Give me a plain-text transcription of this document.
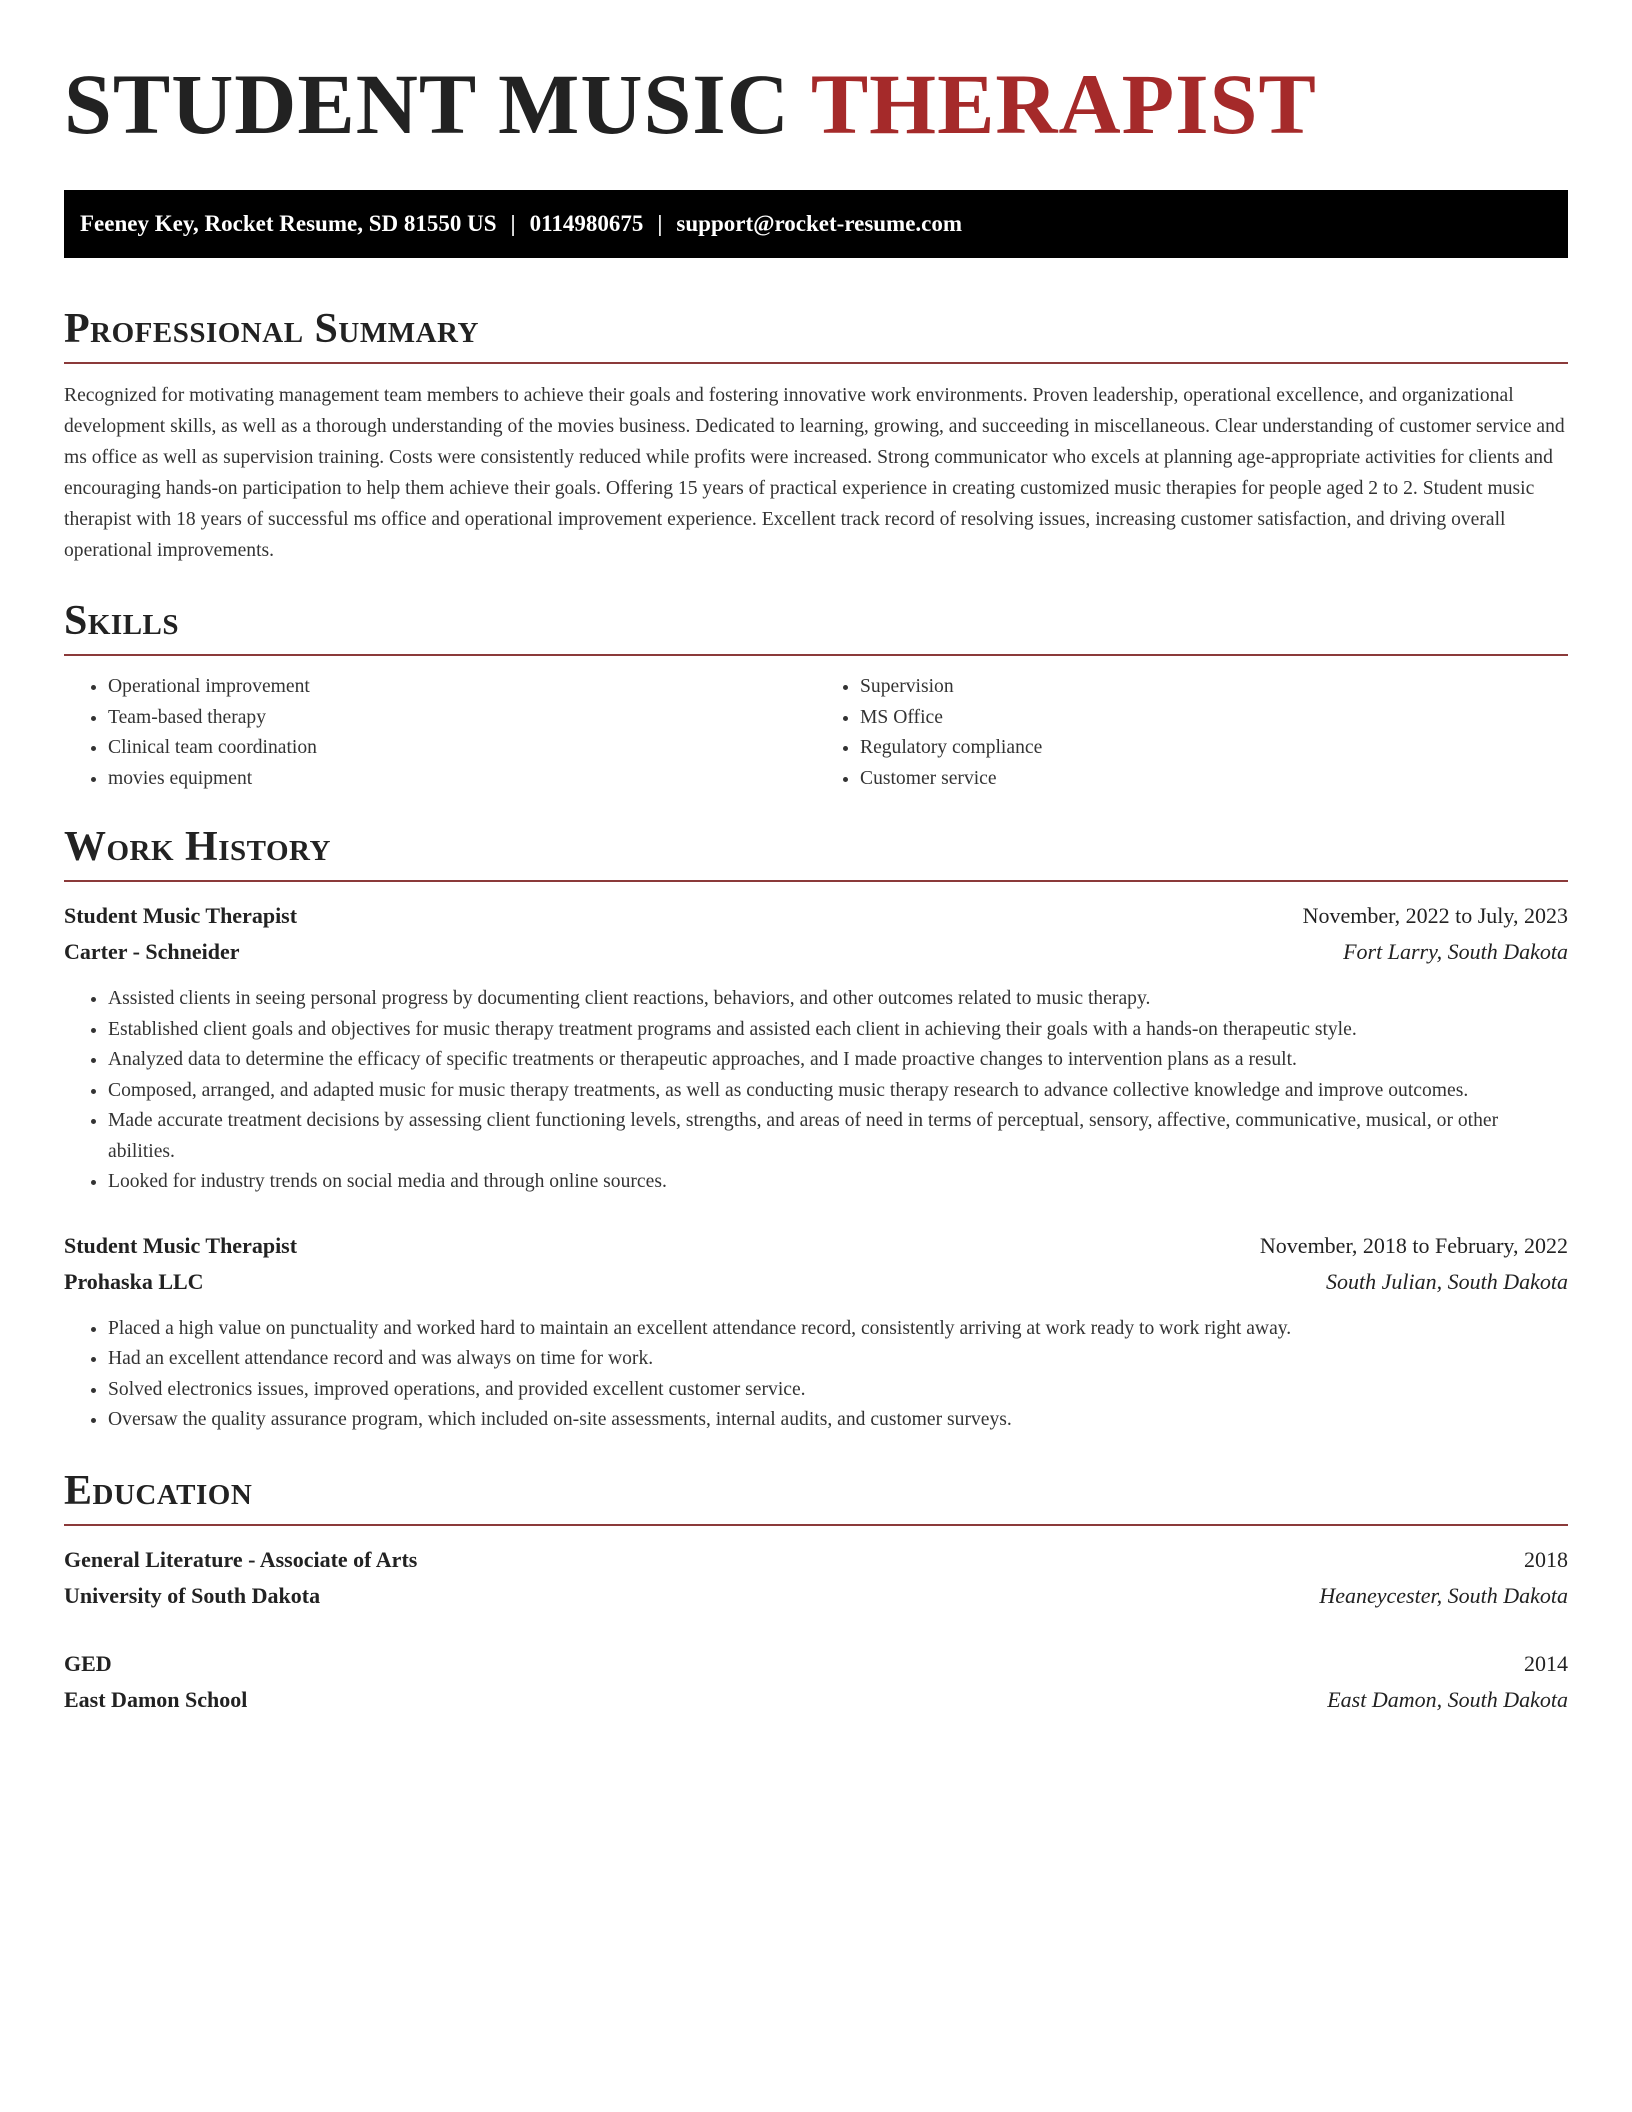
STUDENT MUSIC THERAPIST
Feeney Key, Rocket Resume, SD 81550 US | 0114980675 | support@rocket-resume.com
Professional Summary

Recognized for motivating management team members to achieve their goals and fostering innovative work environments. Proven leadership, operational excellence, and organizational development skills, as well as a thorough understanding of the movies business. Dedicated to learning, growing, and succeeding in miscellaneous. Clear understanding of customer service and ms office as well as supervision training. Costs were consistently reduced while profits were increased. Strong communicator who excels at planning age-appropriate activities for clients and encouraging hands-on participation to help them achieve their goals. Offering 15 years of practical experience in creating customized music therapies for people aged 2 to 2. Student music therapist with 18 years of successful ms office and operational improvement experience. Excellent track record of resolving issues, increasing customer satisfaction, and driving overall operational improvements.

Skills
• Operational improvement
• Team-based therapy
• Clinical team coordination
• movies equipment
• Supervision
• MS Office
• Regulatory compliance
• Customer service
Work History
Student Music Therapist	November, 2022 to July, 2023
Carter - Schneider	Fort Larry, South Dakota
• Assisted clients in seeing personal progress by documenting client reactions, behaviors, and other outcomes related to music therapy.
• Established client goals and objectives for music therapy treatment programs and assisted each client in achieving their goals with a hands-on therapeutic style.
• Analyzed data to determine the efficacy of specific treatments or therapeutic approaches, and I made proactive changes to intervention plans as a result.
• Composed, arranged, and adapted music for music therapy treatments, as well as conducting music therapy research to advance collective knowledge and improve outcomes.
• Made accurate treatment decisions by assessing client functioning levels, strengths, and areas of need in terms of perceptual, sensory, affective, communicative, musical, or other abilities.
• Looked for industry trends on social media and through online sources.
Student Music Therapist	November, 2018 to February, 2022
Prohaska LLC	South Julian, South Dakota
• Placed a high value on punctuality and worked hard to maintain an excellent attendance record, consistently arriving at work ready to work right away.
• Had an excellent attendance record and was always on time for work.
• Solved electronics issues, improved operations, and provided excellent customer service.
• Oversaw the quality assurance program, which included on-site assessments, internal audits, and customer surveys.
Education
General Literature - Associate of Arts	2018
University of South Dakota	Heaneycester, South Dakota
GED	2014
East Damon School	East Damon, South Dakota
